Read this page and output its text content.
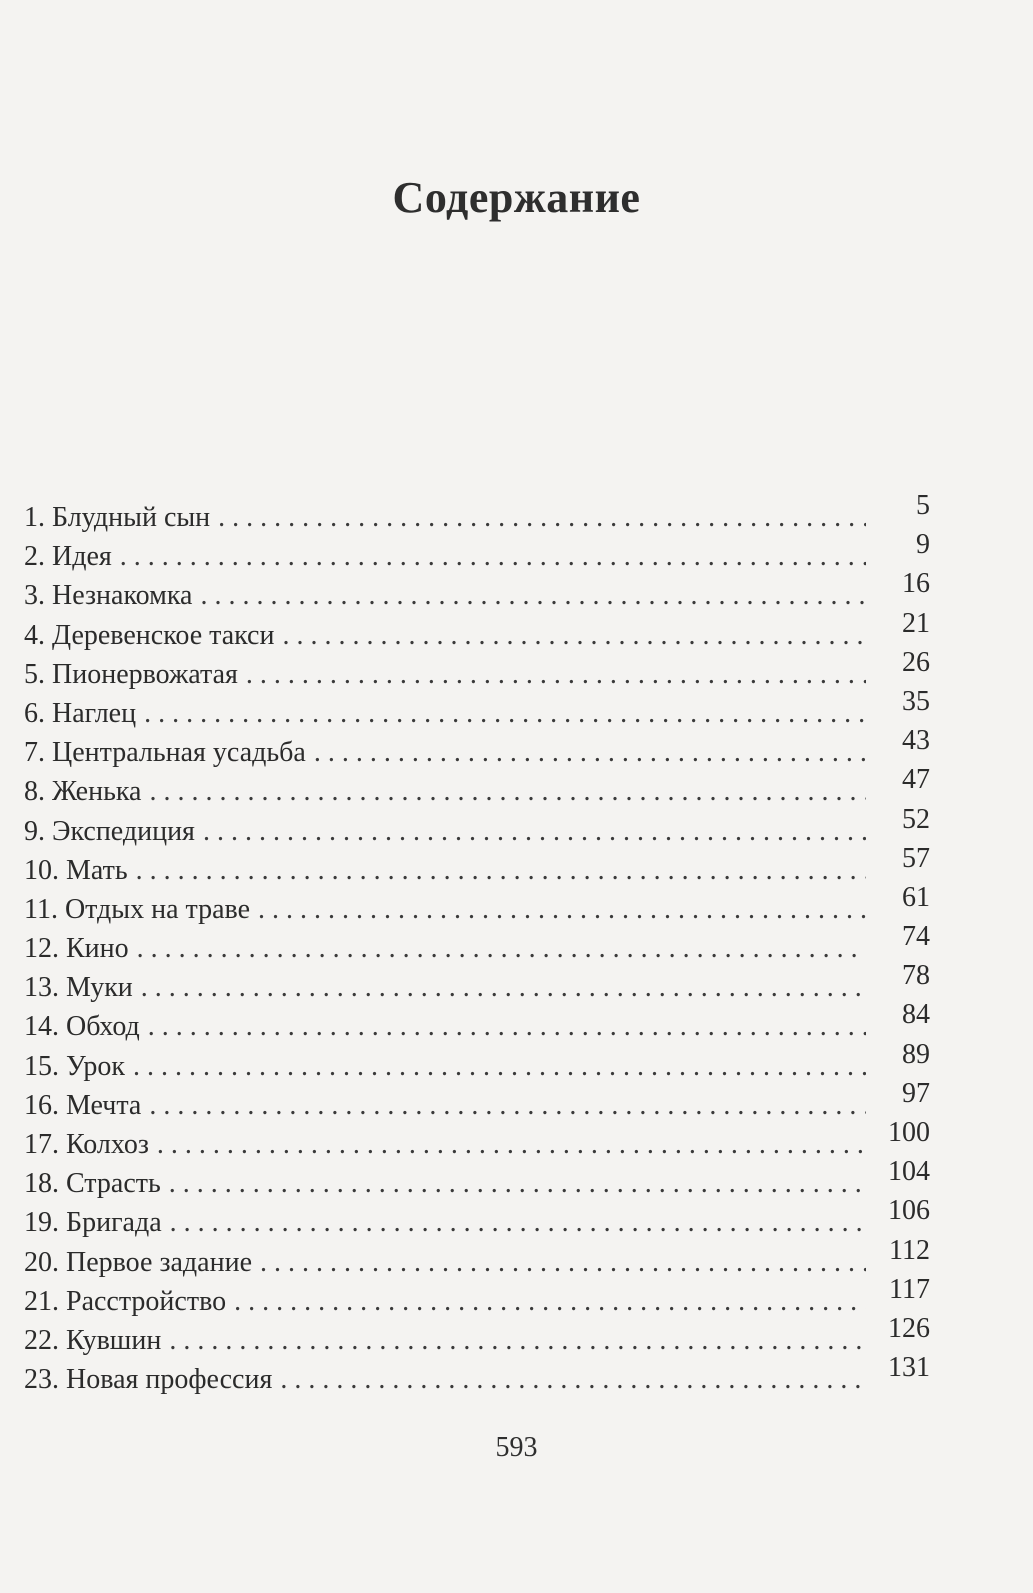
Содержание
1. Блудный сын . . .	5
2. Идея . . .	9
3. Незнакомка . . .	16
4. Деревенское такси . . .	21
5. Пионервожатая . . .	26
6. Наглец . . .	35
7. Центральная усадьба . . .	43
8. Женька . . .	47
9. Экспедиция . . .	52
10. Мать . . .	57
11. Отдых на траве . . .	61
12. Кино . . .	74
13. Муки . . .	78
14. Обход . . .	84
15. Урок . . .	89
16. Мечта . . .	97
17. Колхоз . . .	100
18. Страсть . . .	104
19. Бригада . . .	106
20. Первое задание . . .	112
21. Расстройство . . .	117
22. Кувшин . . .	126
23. Новая профессия . . .	131
593
